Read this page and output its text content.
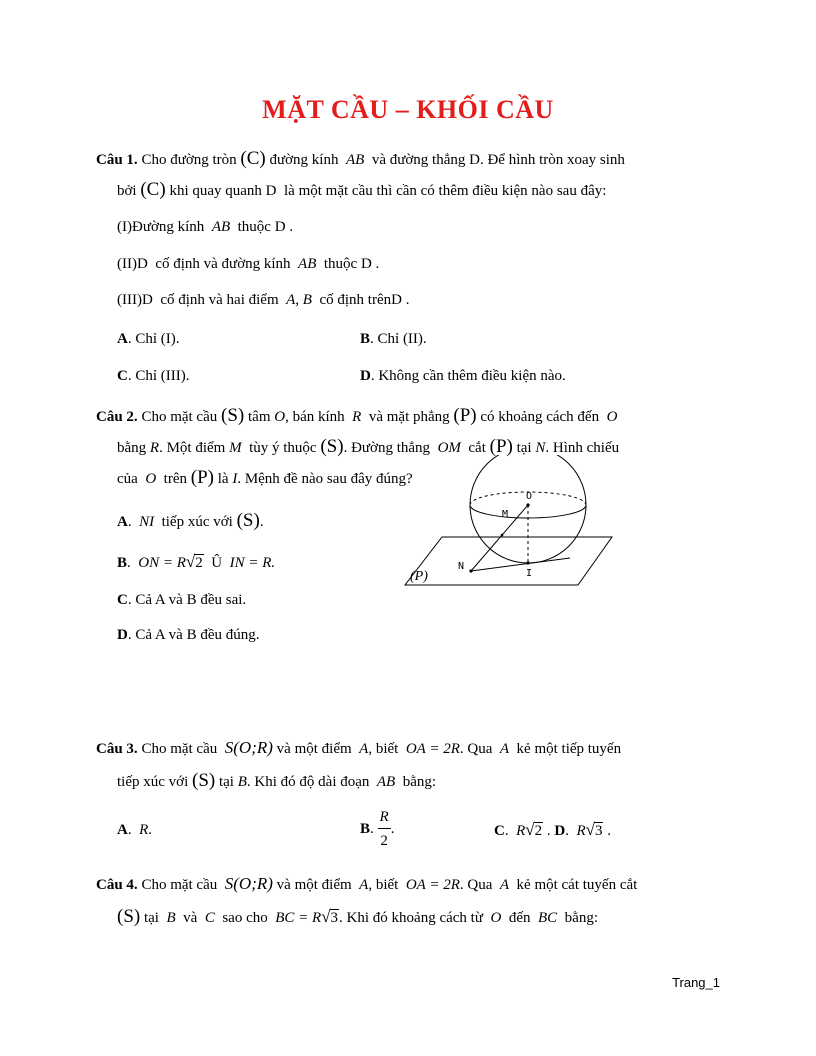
MẶT CẦU – KHỐI CẦU
Câu 1. Cho đường tròn (C) đường kính AB và đường thẳng D. Để hình tròn xoay sinh
bởi (C) khi quay quanh D là một mặt cầu thì cần có thêm điều kiện nào sau đây:
(I)Đường kính AB thuộc D .
(II)D cố định và đường kính AB thuộc D .
(III)D cố định và hai điểm A, B cố định trênD .
A. Chỉ (I).	B. Chỉ (II).
C. Chỉ (III).	D. Không cần thêm điều kiện nào.
Câu 2. Cho mặt cầu (S) tâm O, bán kính R và mặt phẳng (P) có khoảng cách đến O
bằng R. Một điểm M tùy ý thuộc (S). Đường thẳng OM cắt (P) tại N. Hình chiếu
của O trên (P) là I. Mệnh đề nào sau đây đúng?
A.  NI tiếp xúc với (S).
B.  ON = R√2 Û IN = R.
C. Cả A và B đều sai.
D. Cả A và B đều đúng.
O
M
N
I
(P)
Câu 3. Cho mặt cầu S(O;R) và một điểm A, biết OA = 2R. Qua A kẻ một tiếp tuyến
tiếp xúc với (S) tại B. Khi đó độ dài đoạn AB bằng:
A.  R.	B. $\frac{R}{2}$ .	C.  R√2 . D.  R√3 .
Câu 4. Cho mặt cầu S(O;R) và một điểm A, biết OA = 2R. Qua A kẻ một cát tuyến cắt
(S) tại B và C sao cho BC = R√3. Khi đó khoảng cách từ O đến BC bằng:
Trang_1
